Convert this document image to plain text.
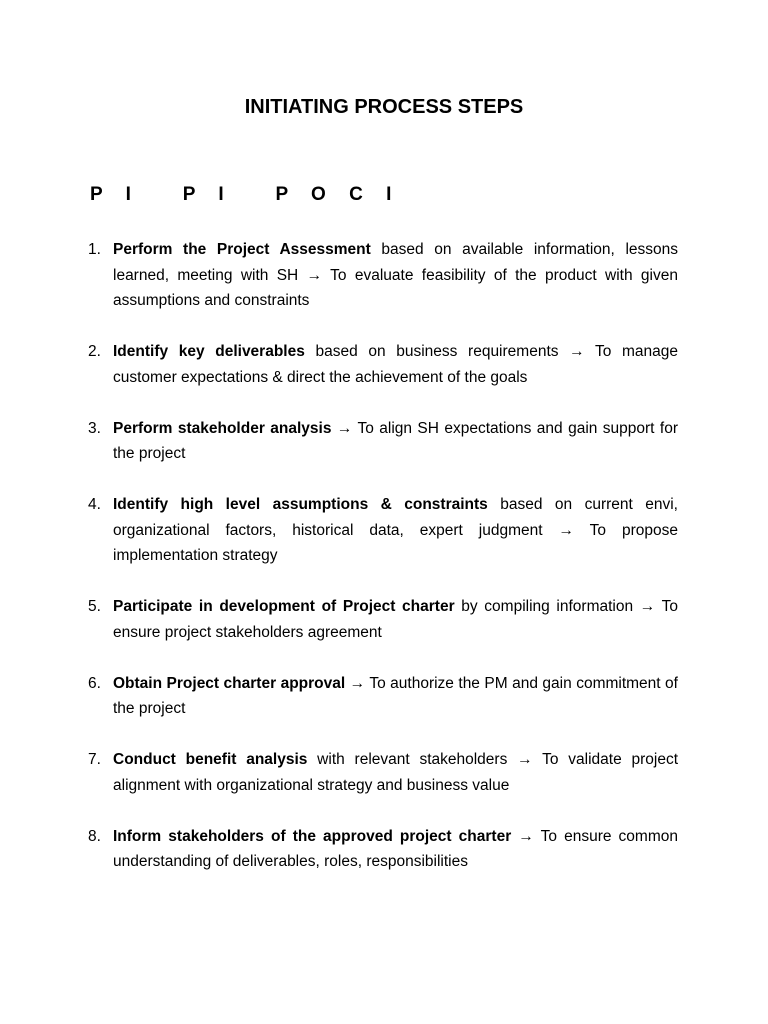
INITIATING PROCESS STEPS
P I   P I   P O C I
1. Perform the Project Assessment based on available information, lessons learned, meeting with SH → To evaluate feasibility of the product with given assumptions and constraints
2. Identify key deliverables based on business requirements → To manage customer expectations & direct the achievement of the goals
3. Perform stakeholder analysis → To align SH expectations and gain support for the project
4. Identify high level assumptions & constraints based on current envi, organizational factors, historical data, expert judgment → To propose implementation strategy
5. Participate in development of Project charter by compiling information → To ensure project stakeholders agreement
6. Obtain Project charter approval → To authorize the PM and gain commitment of the project
7. Conduct benefit analysis with relevant stakeholders → To validate project alignment with organizational strategy and business value
8. Inform stakeholders of the approved project charter → To ensure common understanding of deliverables, roles, responsibilities
